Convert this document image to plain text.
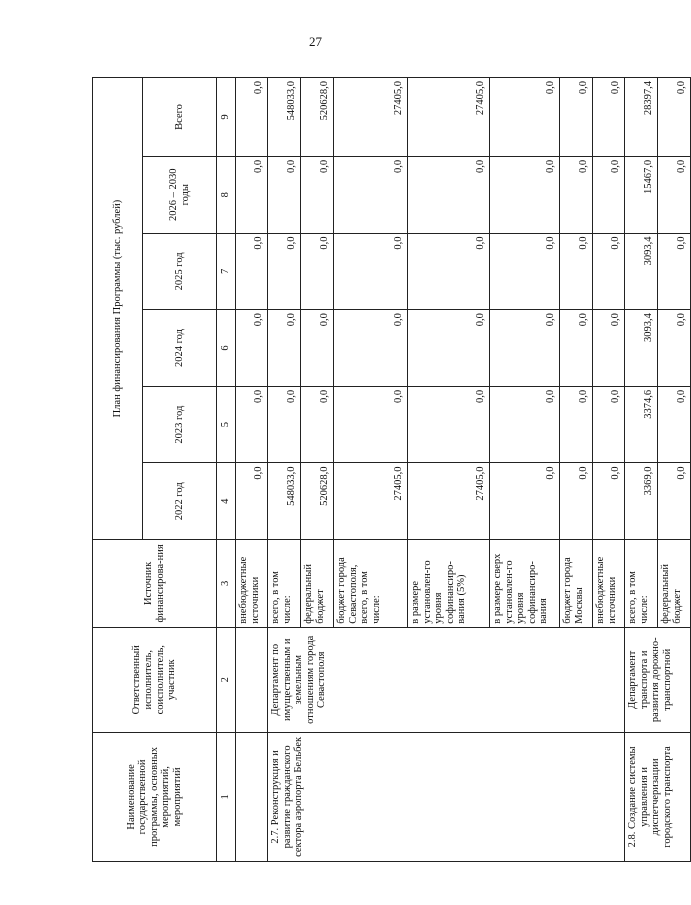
27
Наименование государственной программы, основных мероприятий, мероприятий	Ответственный исполнитель, соисполнитель, участник	Источник финансирова-ния	План финансирования Программы (тыс. рублей)					
			2022 год	2023 год	2024 год	2025 год	2026 – 2030 годы	Всего
1	2	3	4	5	6	7	8	9
		внебюджетные источники	0,0	0,0	0,0	0,0	0,0	0,0
2.7. Реконструкция и развитие гражданского сектора аэропорта Бельбек	Департамент по имущественным и земельным отношениям города Севастополя	всего, в том числе:	548033,0	0,0	0,0	0,0	0,0	548033,0
		федеральный бюджет	520628,0	0,0	0,0	0,0	0,0	520628,0
		бюджет города Севастополя, всего, в том числе:	27405,0	0,0	0,0	0,0	0,0	27405,0
		в размере установлен-го уровня софинансиро-вания (5%)	27405,0	0,0	0,0	0,0	0,0	27405,0
		в размере сверх установлен-го уровня софинансиро-вания	0,0	0,0	0,0	0,0	0,0	0,0
		бюджет города Москвы	0,0	0,0	0,0	0,0	0,0	0,0
		внебюджетные источники	0,0	0,0	0,0	0,0	0,0	0,0
2.8. Создание системы управления и диспетчеризации городского транспорта	Департамент транспорта и развития дорожно-транспортной	всего, в том числе:	3369,0	3374,6	3093,4	3093,4	15467,0	28397,4
		федеральный бюджет	0,0	0,0	0,0	0,0	0,0	0,0
